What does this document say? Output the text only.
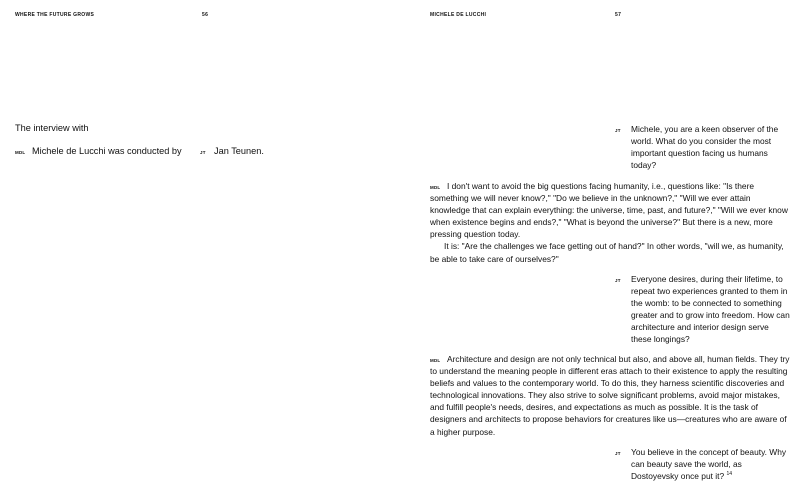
WHERE THE FUTURE GROWS	56	MICHELE DE LUCCHI	57
The interview with
MDL Michele de Lucchi was conducted by	JT Jan Teunen.
JT Michele, you are a keen observer of the world. What do you consider the most important question facing us humans today?
MDL I don't want to avoid the big questions facing humanity, i.e., questions like: "Is there something we will never know?," "Do we believe in the unknown?," "Will we ever attain knowledge that can explain everything: the universe, time, past, and future?," "Will we ever know when existence begins and ends?," "What is beyond the universe?" But there is a new, more pressing question today.
It is: "Are the challenges we face getting out of hand?" In other words, "will we, as humanity, be able to take care of ourselves?"
JT Everyone desires, during their lifetime, to repeat two experiences granted to them in the womb: to be connected to something greater and to grow into freedom. How can architecture and interior design serve these longings?
MDL Architecture and design are not only technical but also, and above all, human fields. They try to understand the meaning people in different eras attach to their existence to apply the resulting beliefs and values to the contemporary world. To do this, they harness scientific discoveries and technological innovations. They also strive to solve significant problems, avoid major mistakes, and fulfill people's needs, desires, and expectations as much as possible. It is the task of designers and architects to propose behaviors for creatures like us—creatures who are aware of a higher purpose.
JT You believe in the concept of beauty. Why can beauty save the world, as Dostoyevsky once put it? $^{14}$
